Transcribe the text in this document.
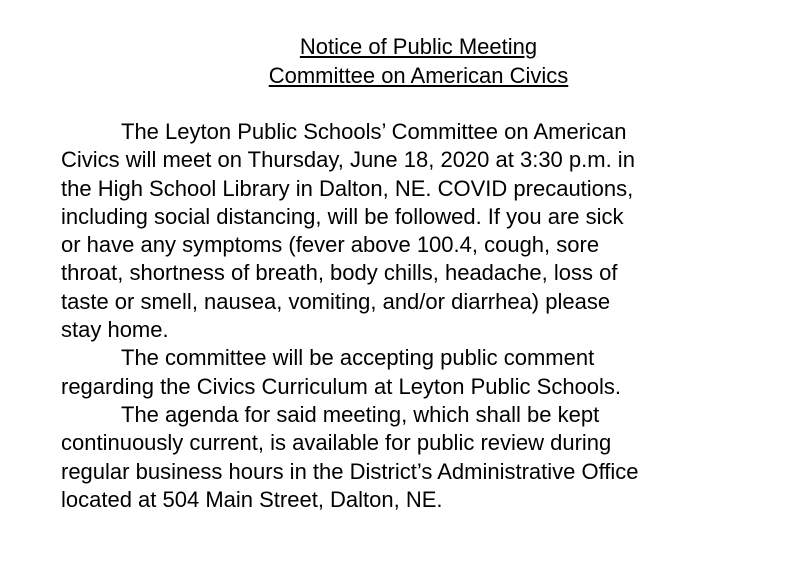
Notice of Public Meeting
Committee on American Civics
The Leyton Public Schools’ Committee on American
Civics will meet on Thursday, June 18, 2020 at 3:30 p.m. in
the High School Library in Dalton, NE. COVID precautions,
including social distancing, will be followed. If you are sick
or have any symptoms (fever above 100.4, cough, sore
throat, shortness of breath, body chills, headache, loss of
taste or smell, nausea, vomiting, and/or diarrhea) please
stay home.
The committee will be accepting public comment
regarding the Civics Curriculum at Leyton Public Schools.
The agenda for said meeting, which shall be kept
continuously current, is available for public review during
regular business hours in the District’s Administrative Office
located at 504 Main Street, Dalton, NE.
